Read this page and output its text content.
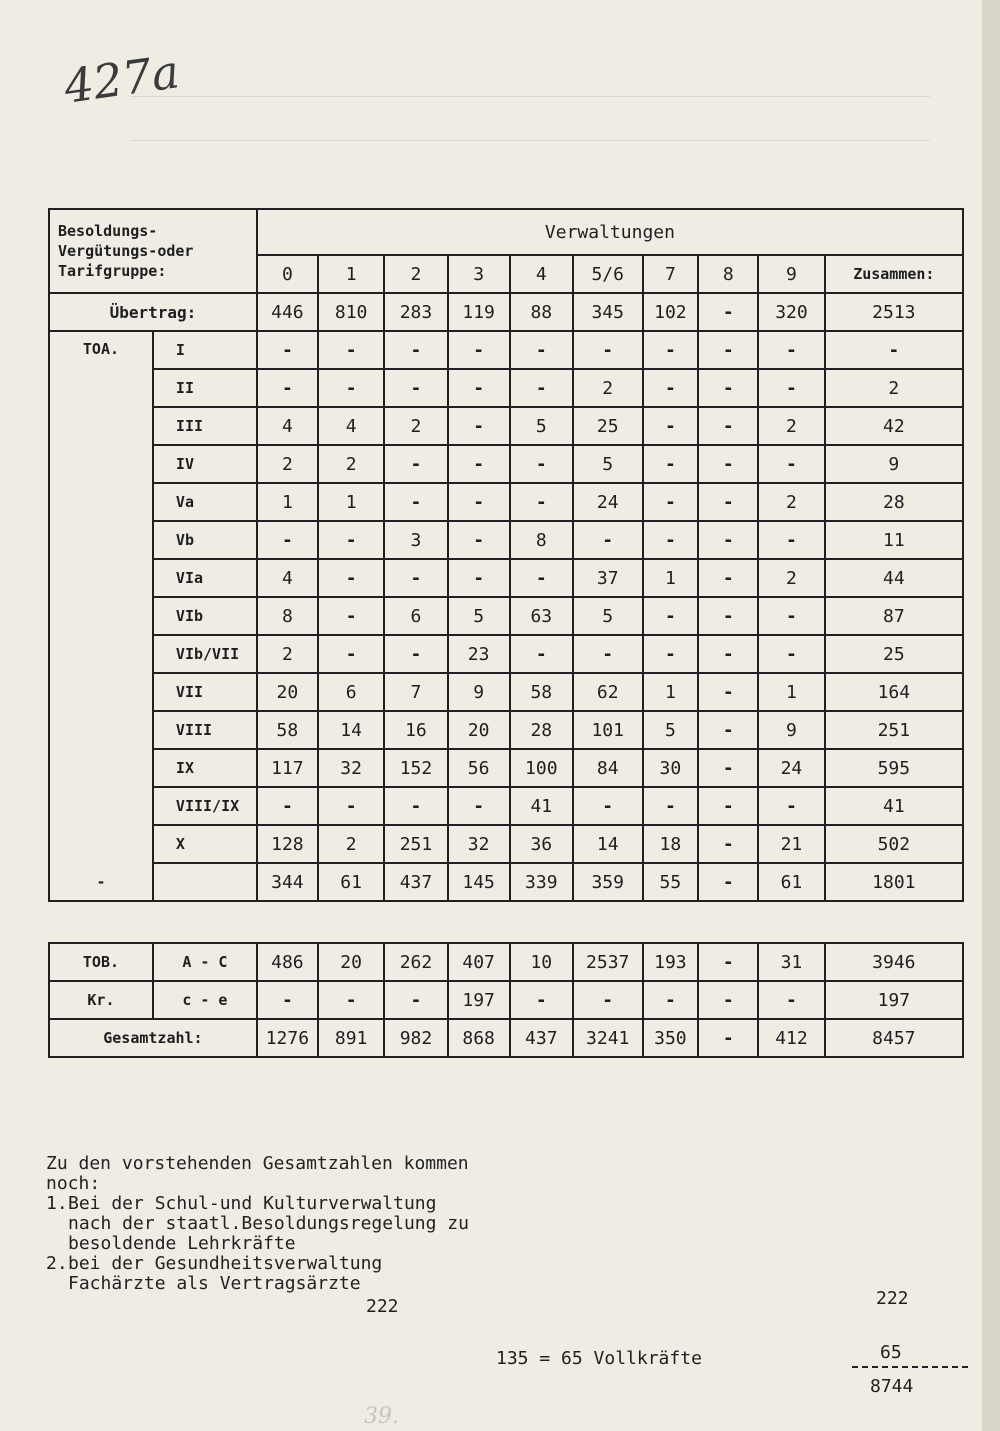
427a
Besoldungs-Vergütungs-oder Tarifgruppe:		Verwaltungen									
		0	1	2	3	4	5/6	7	8	9	Zusammen:
Übertrag:		446	810	283	119	88	345	102	-	320	2513
TOA.	I	-	-	-	-	-	-	-	-	-	-
	II	-	-	-	-	-	2	-	-	-	2
	III	4	4	2	-	5	25	-	-	2	42
	IV	2	2	-	-	-	5	-	-	-	9
	Va	1	1	-	-	-	24	-	-	2	28
	Vb	-	-	3	-	8	-	-	-	-	11
	VIa	4	-	-	-	-	37	1	-	2	44
	VIb	8	-	6	5	63	5	-	-	-	87
	VIb/VII	2	-	-	23	-	-	-	-	-	25
	VII	20	6	7	9	58	62	1	-	1	164
	VIII	58	14	16	20	28	101	5	-	9	251
	IX	117	32	152	56	100	84	30	-	24	595
	VIII/IX	-	-	-	-	41	-	-	-	-	41
	X	128	2	251	32	36	14	18	-	21	502
-		344	61	437	145	339	359	55	-	61	1801

TOB.	A - C	486	20	262	407	10	2537	193	-	31	3946
Kr.	c - e	-	-	-	197	-	-	-	-	-	197
Gesamtzahl:		1276	891	982	868	437	3241	350	-	412	8457

Zu den vorstehenden Gesamtzahlen kommen noch:

1. Bei der Schul-und Kulturverwaltung nach der staatl.Besoldungsregelung zu besoldende Lehrkräfte
2. bei der Gesundheitsverwaltung Fachärzte als Vertragsärzte
222	222
135 = 65 Vollkräfte	65
8744
39.
